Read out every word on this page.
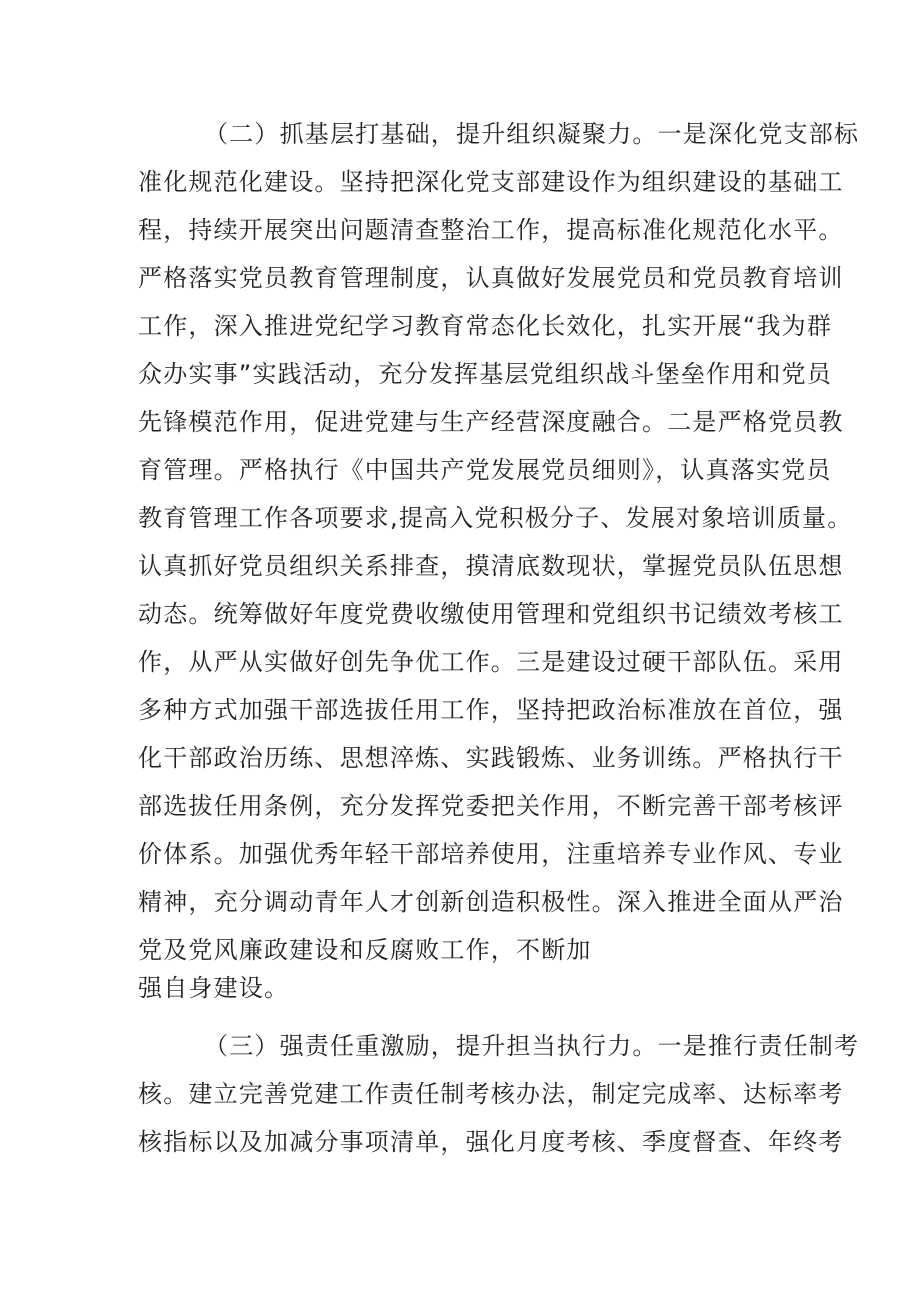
（二）抓基层打基础，提升组织凝聚力。一是深化党支部标
准化规范化建设。坚持把深化党支部建设作为组织建设的基础工
程，持续开展突出问题清查整治工作，提高标准化规范化水平。
严格落实党员教育管理制度，认真做好发展党员和党员教育培训
工作，深入推进党纪学习教育常态化长效化，扎实开展“我为群
众办实事”实践活动，充分发挥基层党组织战斗堡垒作用和党员
先锋模范作用，促进党建与生产经营深度融合。二是严格党员教
育管理。严格执行《中国共产党发展党员细则》，认真落实党员
教育管理工作各项要求,提高入党积极分子、发展对象培训质量。
认真抓好党员组织关系排查，摸清底数现状，掌握党员队伍思想
动态。统筹做好年度党费收缴使用管理和党组织书记绩效考核工
作，从严从实做好创先争优工作。三是建设过硬干部队伍。采用
多种方式加强干部选拔任用工作，坚持把政治标准放在首位，强
化干部政治历练、思想淬炼、实践锻炼、业务训练。严格执行干
部选拔任用条例，充分发挥党委把关作用，不断完善干部考核评
价体系。加强优秀年轻干部培养使用，注重培养专业作风、专业
精神，充分调动青年人才创新创造积极性。深入推进全面从严治
党及党风廉政建设和反腐败工作，不断加
强自身建设。
（三）强责任重激励，提升担当执行力。一是推行责任制考
核。建立完善党建工作责任制考核办法，制定完成率、达标率考
核指标以及加减分事项清单，强化月度考核、季度督查、年终考
